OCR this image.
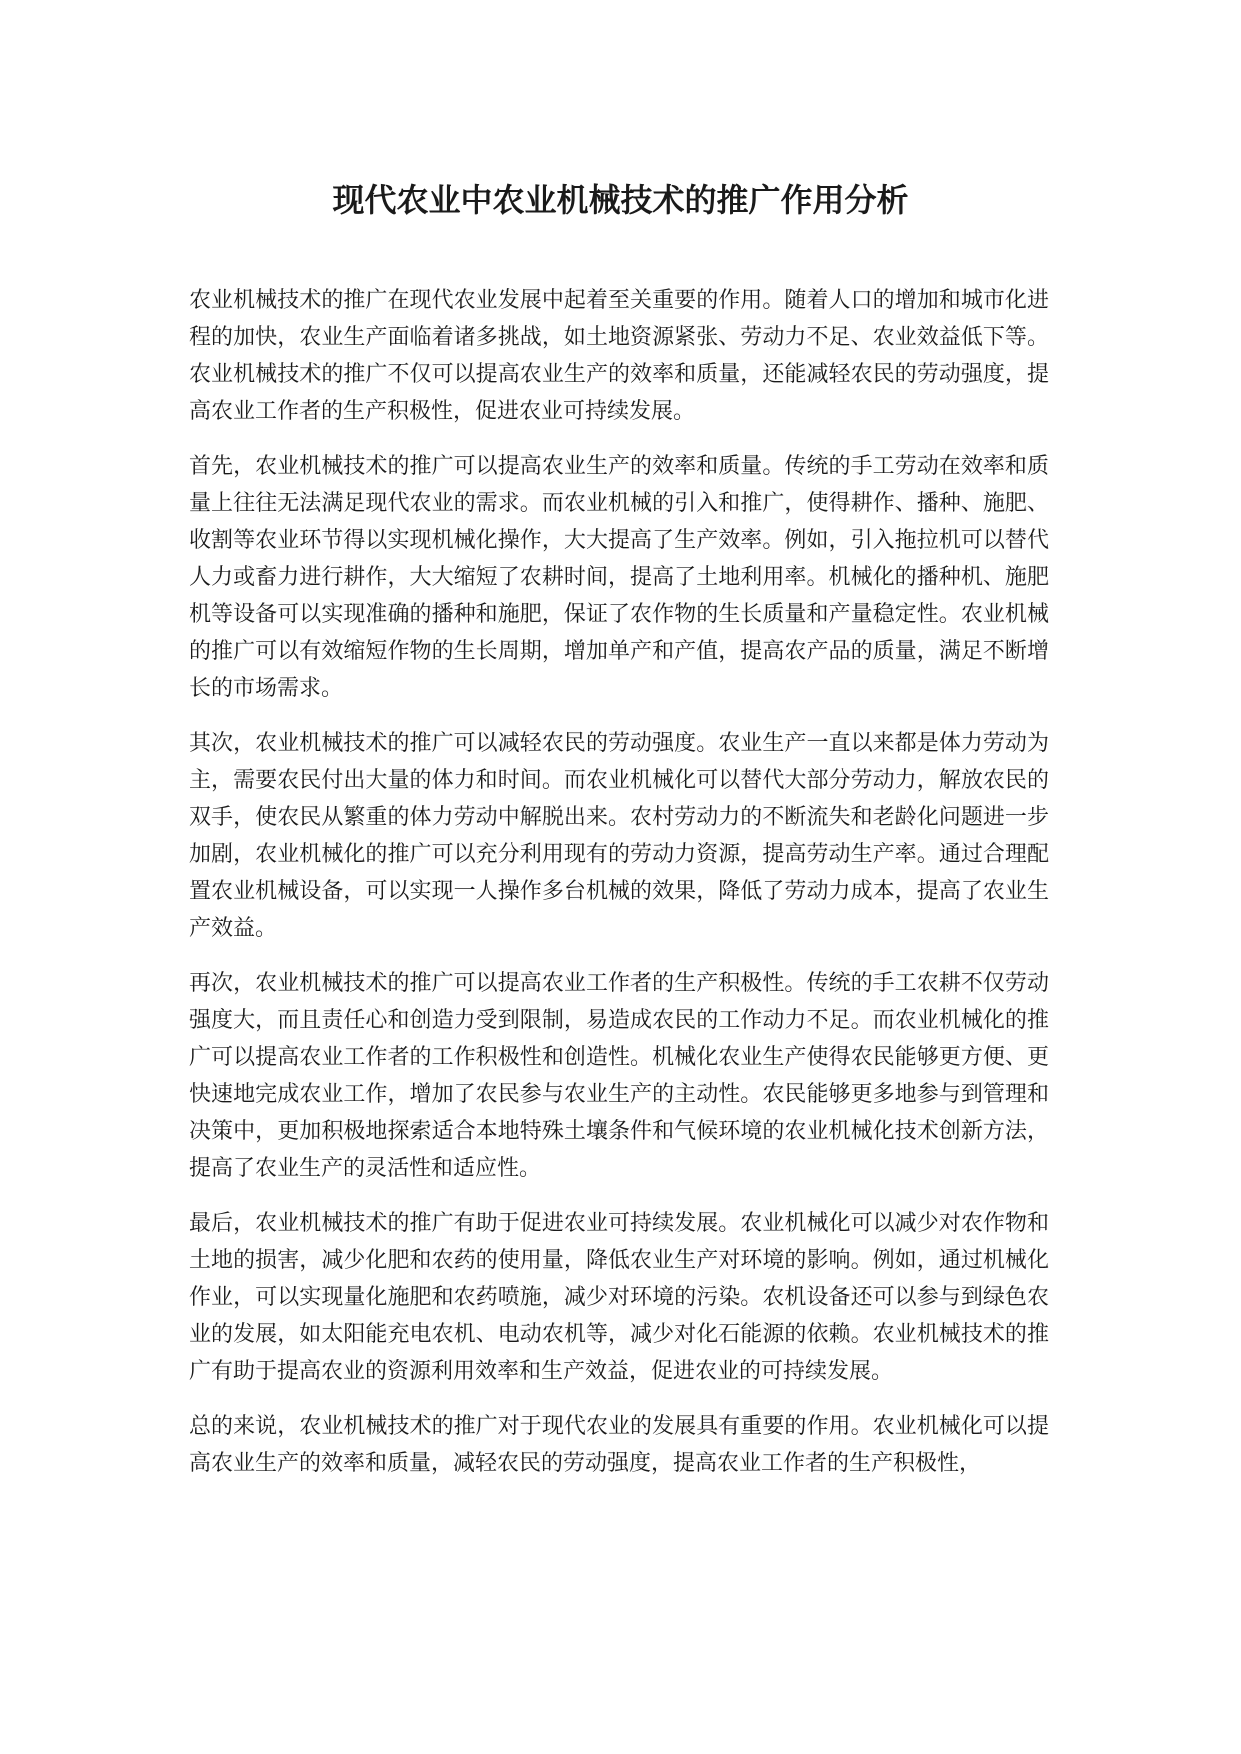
现代农业中农业机械技术的推广作用分析

农业机械技术的推广在现代农业发展中起着至关重要的作用。随着人口的增加和城市化进程的加快，农业生产面临着诸多挑战，如土地资源紧张、劳动力不足、农业效益低下等。农业机械技术的推广不仅可以提高农业生产的效率和质量，还能减轻农民的劳动强度，提高农业工作者的生产积极性，促进农业可持续发展。

首先，农业机械技术的推广可以提高农业生产的效率和质量。传统的手工劳动在效率和质量上往往无法满足现代农业的需求。而农业机械的引入和推广，使得耕作、播种、施肥、收割等农业环节得以实现机械化操作，大大提高了生产效率。例如，引入拖拉机可以替代人力或畜力进行耕作，大大缩短了农耕时间，提高了土地利用率。机械化的播种机、施肥机等设备可以实现准确的播种和施肥，保证了农作物的生长质量和产量稳定性。农业机械的推广可以有效缩短作物的生长周期，增加单产和产值，提高农产品的质量，满足不断增长的市场需求。

其次，农业机械技术的推广可以减轻农民的劳动强度。农业生产一直以来都是体力劳动为主，需要农民付出大量的体力和时间。而农业机械化可以替代大部分劳动力，解放农民的双手，使农民从繁重的体力劳动中解脱出来。农村劳动力的不断流失和老龄化问题进一步加剧，农业机械化的推广可以充分利用现有的劳动力资源，提高劳动生产率。通过合理配置农业机械设备，可以实现一人操作多台机械的效果，降低了劳动力成本，提高了农业生产效益。

再次，农业机械技术的推广可以提高农业工作者的生产积极性。传统的手工农耕不仅劳动强度大，而且责任心和创造力受到限制，易造成农民的工作动力不足。而农业机械化的推广可以提高农业工作者的工作积极性和创造性。机械化农业生产使得农民能够更方便、更快速地完成农业工作，增加了农民参与农业生产的主动性。农民能够更多地参与到管理和决策中，更加积极地探索适合本地特殊土壤条件和气候环境的农业机械化技术创新方法，提高了农业生产的灵活性和适应性。

最后，农业机械技术的推广有助于促进农业可持续发展。农业机械化可以减少对农作物和土地的损害，减少化肥和农药的使用量，降低农业生产对环境的影响。例如，通过机械化作业，可以实现量化施肥和农药喷施，减少对环境的污染。农机设备还可以参与到绿色农业的发展，如太阳能充电农机、电动农机等，减少对化石能源的依赖。农业机械技术的推广有助于提高农业的资源利用效率和生产效益，促进农业的可持续发展。

总的来说，农业机械技术的推广对于现代农业的发展具有重要的作用。农业机械化可以提高农业生产的效率和质量，减轻农民的劳动强度，提高农业工作者的生产积极性，
